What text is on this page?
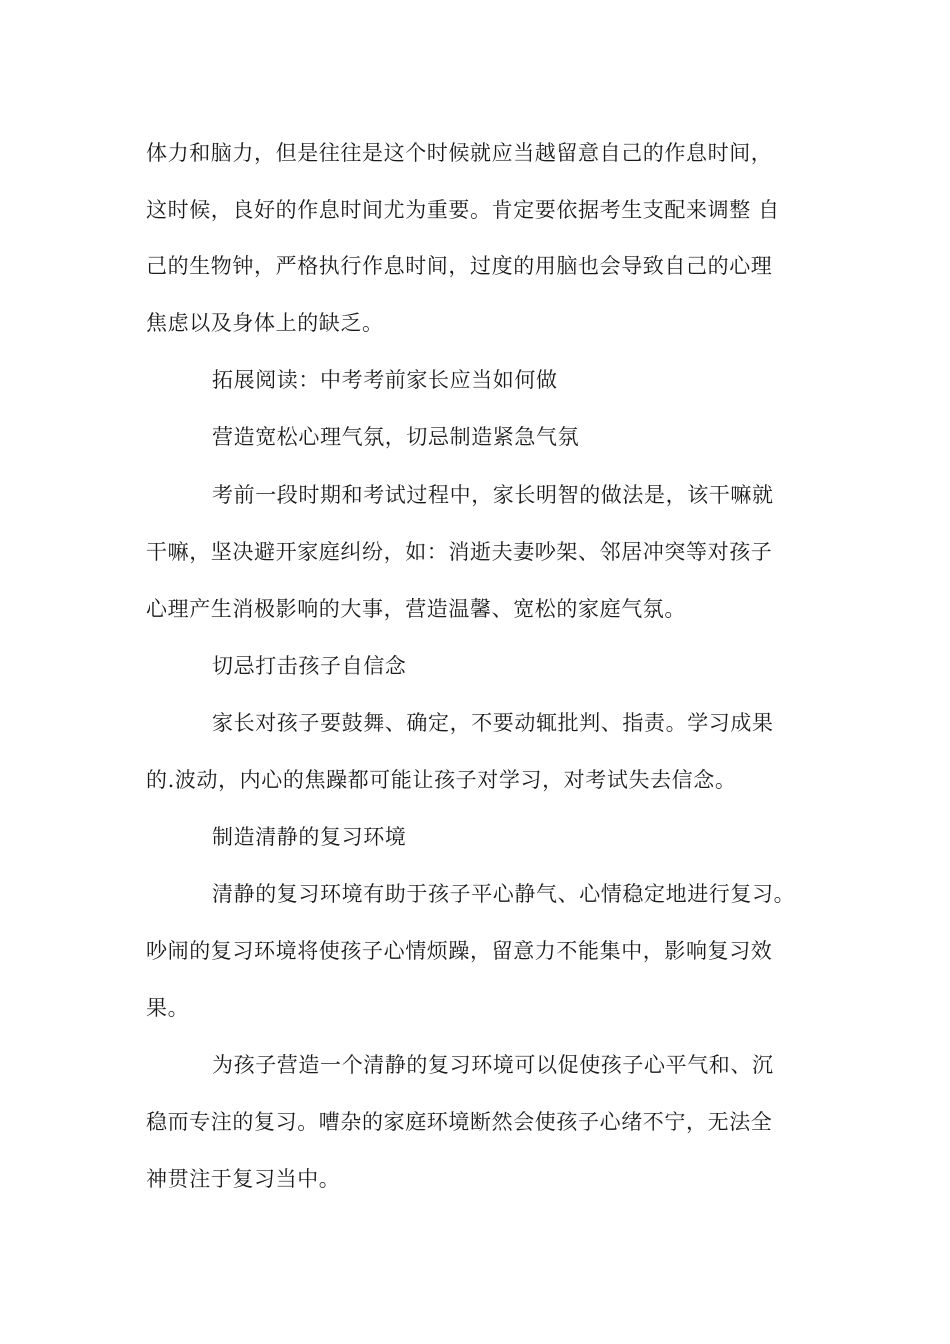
体力和脑力，但是往往是这个时候就应当越留意自己的作息时间，
这时候，良好的作息时间尤为重要。肯定要依据考生支配来调整 自
己的生物钟，严格执行作息时间，过度的用脑也会导致自己的心理
焦虑以及身体上的缺乏。
拓展阅读：中考考前家长应当如何做
营造宽松心理气氛，切忌制造紧急气氛
考前一段时期和考试过程中，家长明智的做法是，该干嘛就
干嘛，坚决避开家庭纠纷，如：消逝夫妻吵架、邻居冲突等对孩子
心理产生消极影响的大事，营造温馨、宽松的家庭气氛。
切忌打击孩子自信念
家长对孩子要鼓舞、确定，不要动辄批判、指责。学习成果
的.波动，内心的焦躁都可能让孩子对学习，对考试失去信念。
制造清静的复习环境
清静的复习环境有助于孩子平心静气、心情稳定地进行复习。
吵闹的复习环境将使孩子心情烦躁，留意力不能集中，影响复习效
果。
为孩子营造一个清静的复习环境可以促使孩子心平气和、沉
稳而专注的复习。嘈杂的家庭环境断然会使孩子心绪不宁，无法全
神贯注于复习当中。
